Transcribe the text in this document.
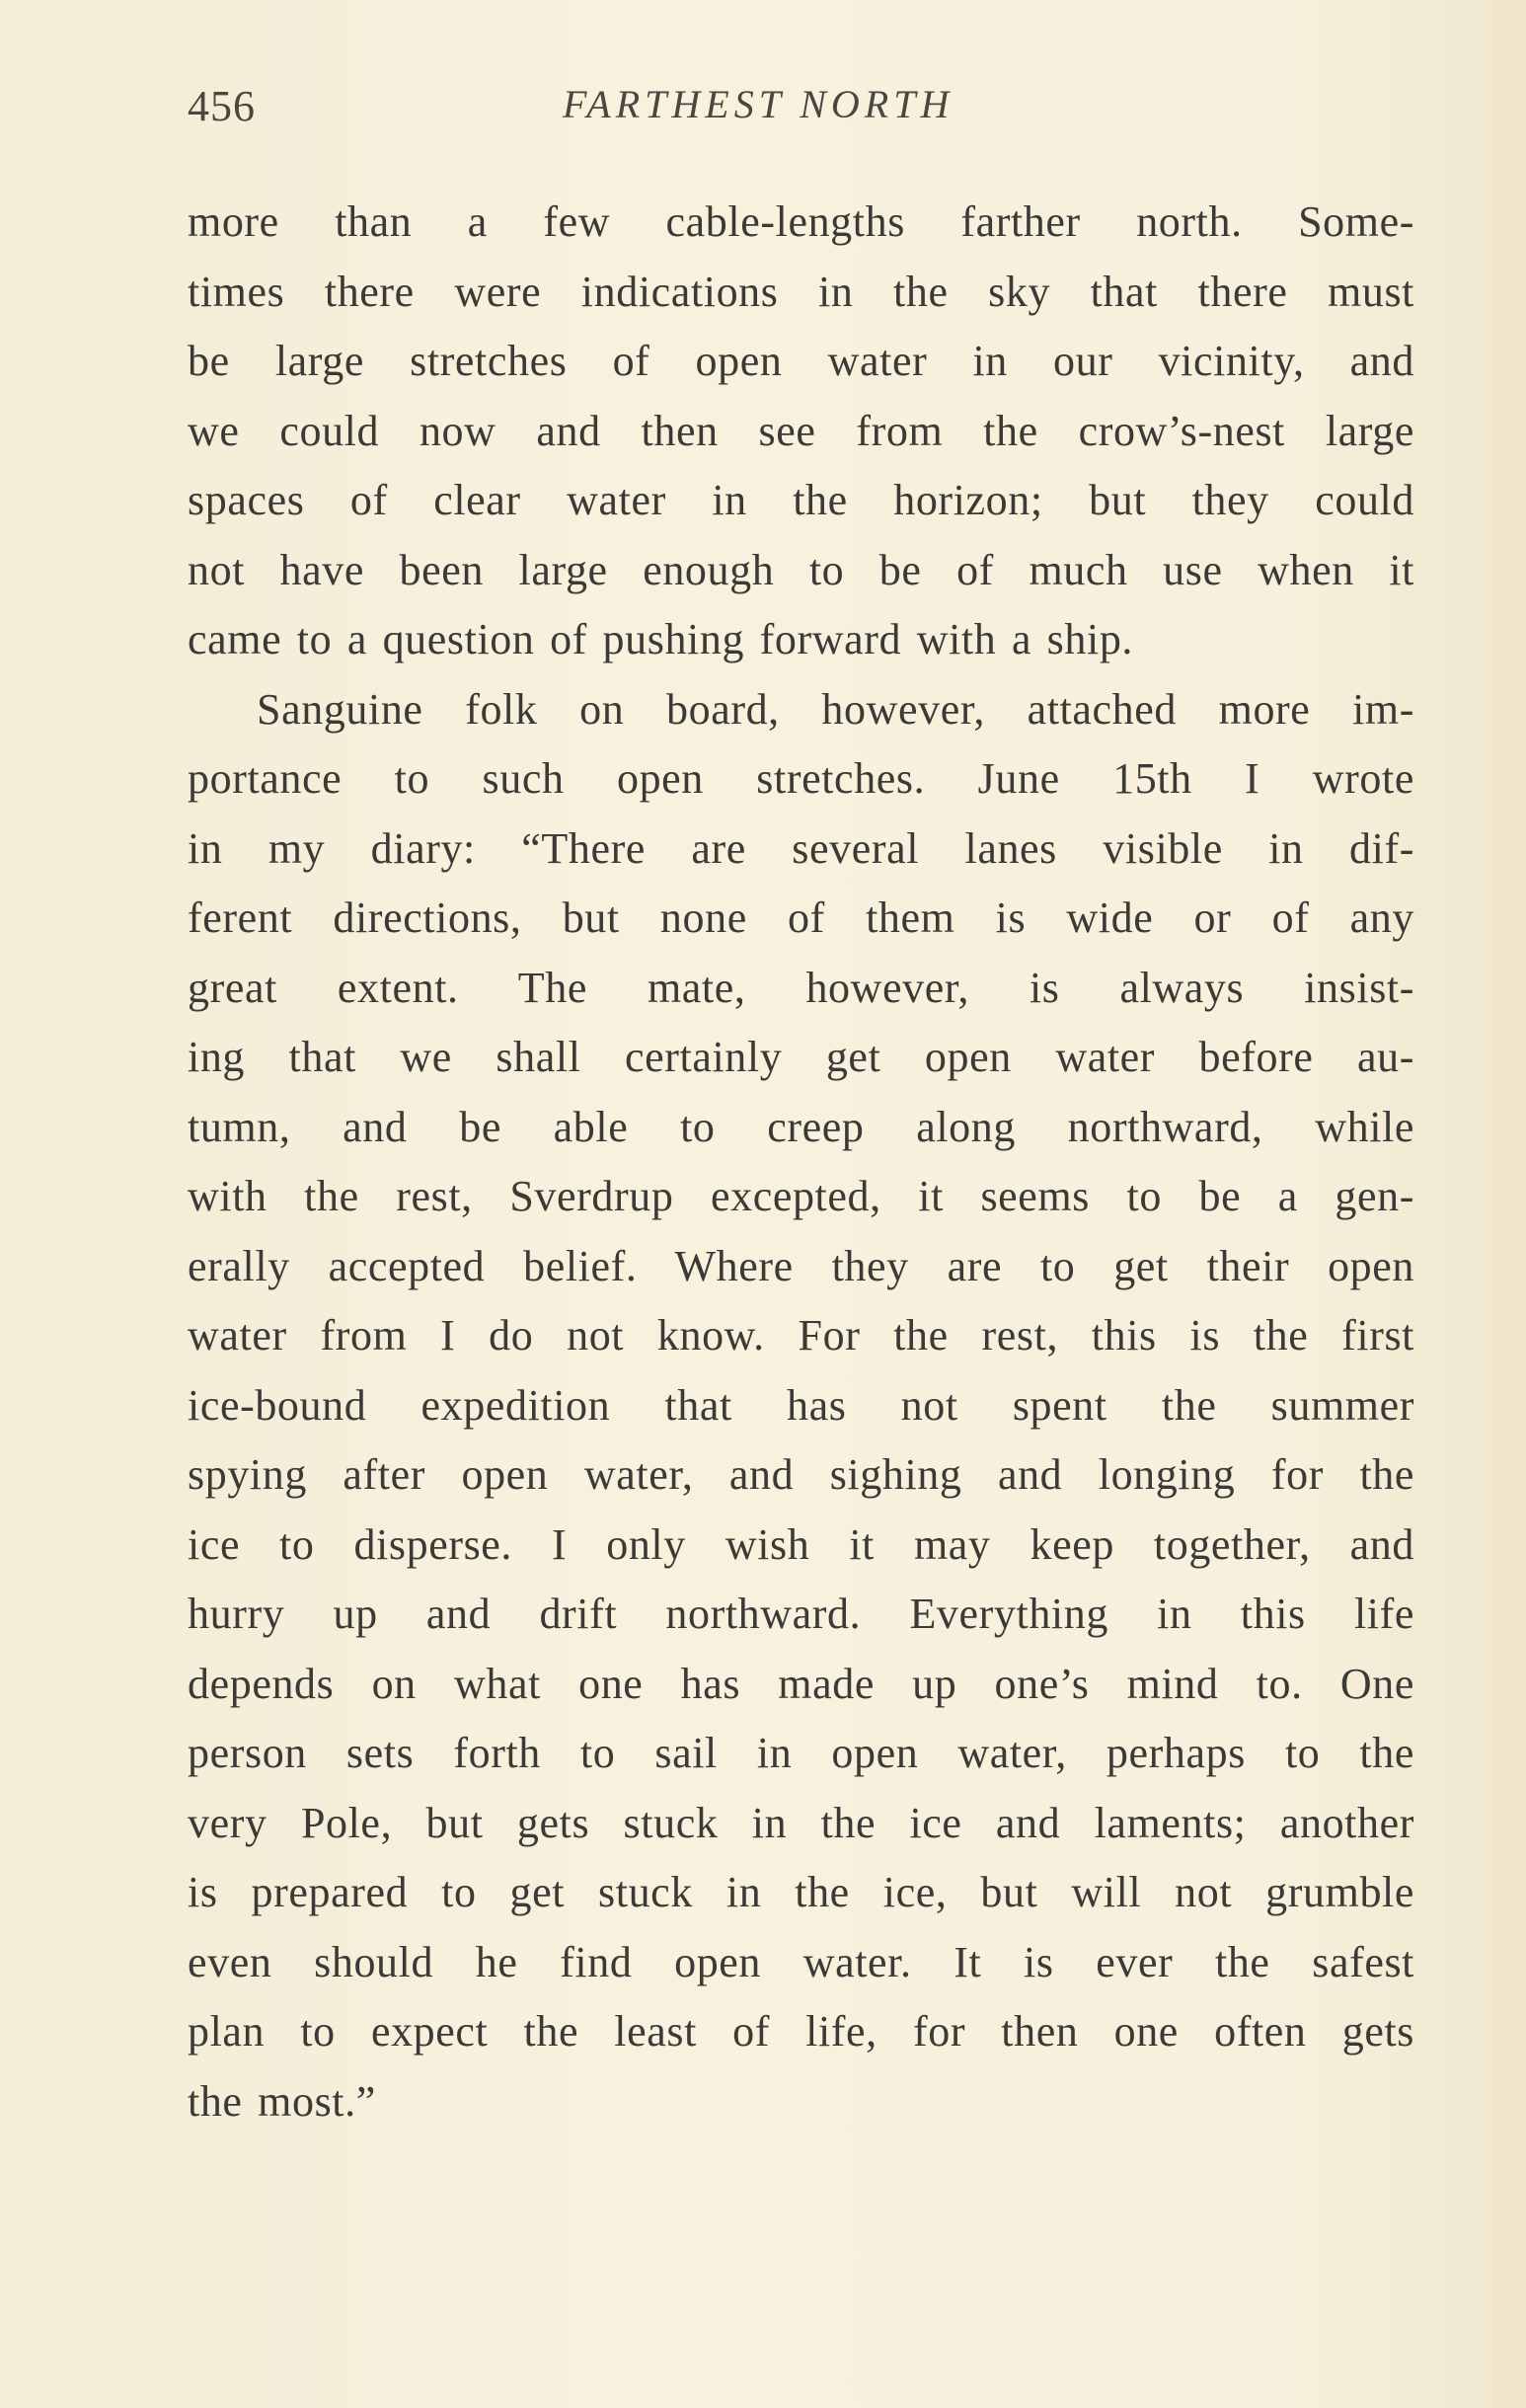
456	FARTHEST NORTH
more than a few cable-lengths farther north. Some-
times there were indications in the sky that there must
be large stretches of open water in our vicinity, and
we could now and then see from the crow’s-nest large
spaces of clear water in the horizon; but they could
not have been large enough to be of much use when it
came to a question of pushing forward with a ship.
Sanguine folk on board, however, attached more im-
portance to such open stretches. June 15th I wrote
in my diary: “There are several lanes visible in dif-
ferent directions, but none of them is wide or of any
great extent. The mate, however, is always insist-
ing that we shall certainly get open water before au-
tumn, and be able to creep along northward, while
with the rest, Sverdrup excepted, it seems to be a gen-
erally accepted belief. Where they are to get their open
water from I do not know. For the rest, this is the first
ice-bound expedition that has not spent the summer
spying after open water, and sighing and longing for the
ice to disperse. I only wish it may keep together, and
hurry up and drift northward. Everything in this life
depends on what one has made up one’s mind to. One
person sets forth to sail in open water, perhaps to the
very Pole, but gets stuck in the ice and laments; another
is prepared to get stuck in the ice, but will not grumble
even should he find open water. It is ever the safest
plan to expect the least of life, for then one often gets
the most.”
